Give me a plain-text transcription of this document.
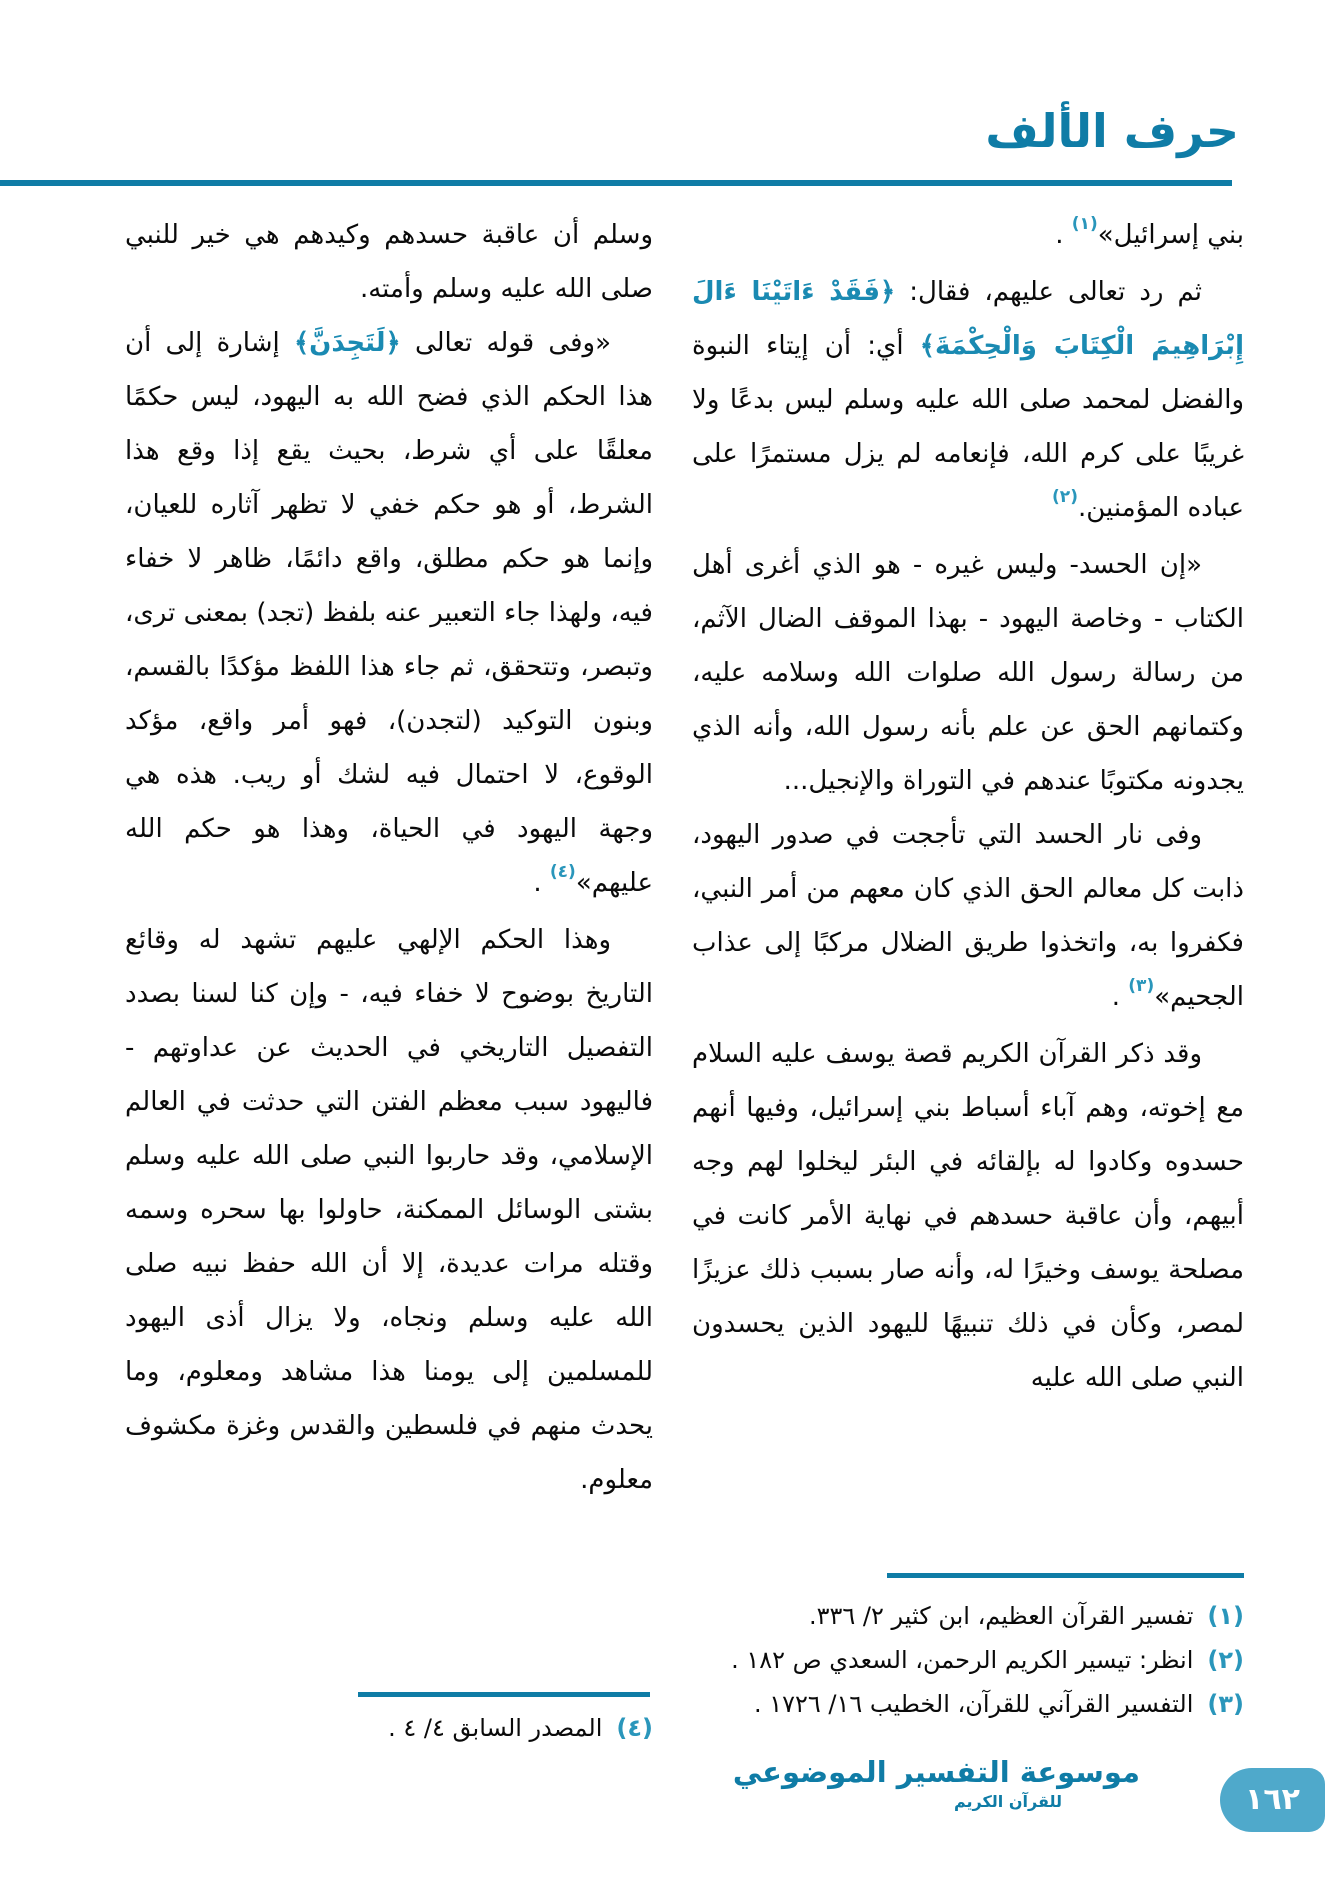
حرف الألف

بني إسرائيل»$^{(١)}$ .

ثم رد تعالى عليهم، فقال: ﴿فَقَدْ ءَاتَيْنَا ءَالَ إِبْرَاهِيمَ الْكِتَابَ وَالْحِكْمَةَ﴾ أي: أن إيتاء النبوة والفضل لمحمد صلى الله عليه وسلم ليس بدعًا ولا غريبًا على كرم الله، فإنعامه لم يزل مستمرًا على عباده المؤمنين.$^{(٢)}$

«إن الحسد- وليس غيره - هو الذي أغرى أهل الكتاب - وخاصة اليهود - بهذا الموقف الضال الآثم، من رسالة رسول الله صلوات الله وسلامه عليه، وكتمانهم الحق عن علم بأنه رسول الله، وأنه الذي يجدونه مكتوبًا عندهم في التوراة والإنجيل...

وفى نار الحسد التي تأججت في صدور اليهود، ذابت كل معالم الحق الذي كان معهم من أمر النبي، فكفروا به، واتخذوا طريق الضلال مركبًا إلى عذاب الجحيم»$^{(٣)}$ .

وقد ذكر القرآن الكريم قصة يوسف عليه السلام مع إخوته، وهم آباء أسباط بني إسرائيل، وفيها أنهم حسدوه وكادوا له بإلقائه في البئر ليخلوا لهم وجه أبيهم، وأن عاقبة حسدهم في نهاية الأمر كانت في مصلحة يوسف وخيرًا له، وأنه صار بسبب ذلك عزيزًا لمصر، وكأن في ذلك تنبيهًا لليهود الذين يحسدون النبي صلى الله عليه

وسلم أن عاقبة حسدهم وكيدهم هي خير للنبي صلى الله عليه وسلم وأمته.

«وفى قوله تعالى ﴿لَتَجِدَنَّ﴾ إشارة إلى أن هذا الحكم الذي فضح الله به اليهود، ليس حكمًا معلقًا على أي شرط، بحيث يقع إذا وقع هذا الشرط، أو هو حكم خفي لا تظهر آثاره للعيان، وإنما هو حكم مطلق، واقع دائمًا، ظاهر لا خفاء فيه، ولهذا جاء التعبير عنه بلفظ (تجد) بمعنى ترى، وتبصر، وتتحقق، ثم جاء هذا اللفظ مؤكدًا بالقسم، وبنون التوكيد (لتجدن)، فهو أمر واقع، مؤكد الوقوع، لا احتمال فيه لشك أو ريب. هذه هي وجهة اليهود في الحياة، وهذا هو حكم الله عليهم»$^{(٤)}$ .

وهذا الحكم الإلهي عليهم تشهد له وقائع التاريخ بوضوح لا خفاء فيه، - وإن كنا لسنا بصدد التفصيل التاريخي في الحديث عن عداوتهم - فاليهود سبب معظم الفتن التي حدثت في العالم الإسلامي، وقد حاربوا النبي صلى الله عليه وسلم بشتى الوسائل الممكنة، حاولوا بها سحره وسمه وقتله مرات عديدة، إلا أن الله حفظ نبيه صلى الله عليه وسلم ونجاه، ولا يزال أذى اليهود للمسلمين إلى يومنا هذا مشاهد ومعلوم، وما يحدث منهم في فلسطين والقدس وغزة مكشوف معلوم.

(١)تفسير القرآن العظيم، ابن كثير ٢/ ٣٣٦.
(٢)انظر: تيسير الكريم الرحمن، السعدي ص ١٨٢ .
(٣)التفسير القرآني للقرآن، الخطيب ١٦/ ١٧٢٦ .
(٤)المصدر السابق ٤/ ٤ .
موسوعة التفسير الموضوعي
للقرآن الكريم	١٦٢
